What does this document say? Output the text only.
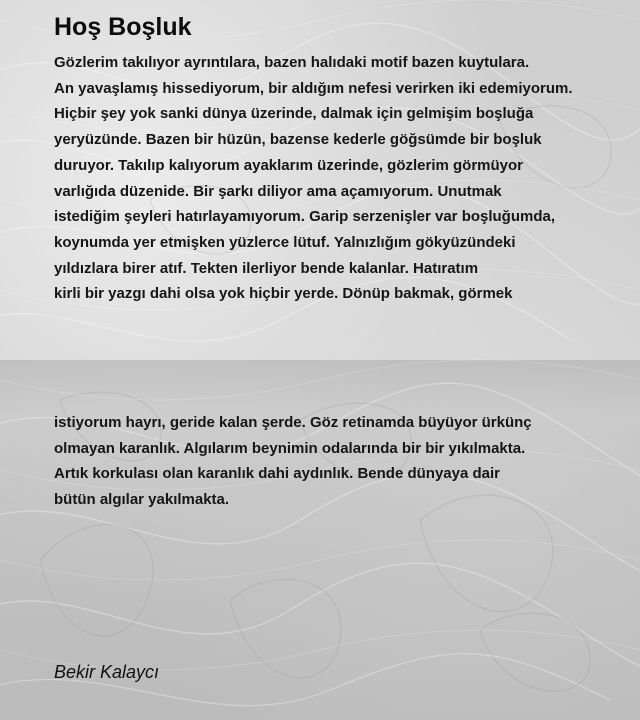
Hoş Boşluk
Gözlerim takılıyor ayrıntılara, bazen halıdaki motif bazen kuytulara.
An yavaşlamış hissediyorum, bir aldığım nefesi verirken iki edemiyorum.
Hiçbir şey yok sanki dünya üzerinde, dalmak için gelmişim boşluğa
yeryüzünde. Bazen bir hüzün, bazense kederle göğsümde bir boşluk
duruyor. Takılıp kalıyorum ayaklarım üzerinde, gözlerim görmüyor
varlığıda düzenide. Bir şarkı diliyor ama açamıyorum. Unutmak
istediğim şeyleri hatırlayamıyorum. Garip serzenişler var boşluğumda,
koynumda yer etmişken yüzlerce lütuf. Yalnızlığım gökyüzündeki
yıldızlara birer atıf. Tekten ilerliyor bende kalanlar. Hatıratım
kirli bir yazgı dahi olsa yok hiçbir yerde. Dönüp bakmak, görmek
istiyorum hayrı, geride kalan şerde. Göz retinamda büyüyor ürkünç
olmayan karanlık. Algılarım beynimin odalarında bir bir yıkılmakta.
Artık korkulası olan karanlık dahi aydınlık. Bende dünyaya dair
bütün algılar yakılmakta.

Bekir Kalaycı
